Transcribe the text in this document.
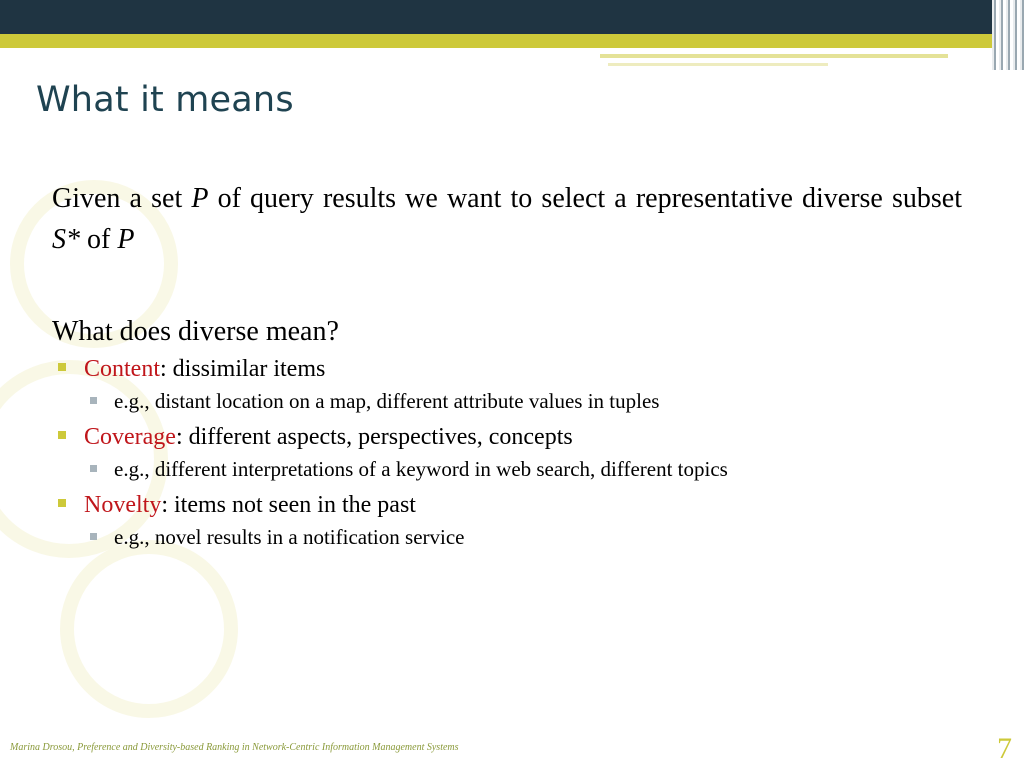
What it means

Given a set P of query results we want to select a representative diverse subset S* of P

What does diverse mean?

Content: dissimilar items
e.g., distant location on a map, different attribute values in tuples
Coverage: different aspects, perspectives, concepts
e.g., different interpretations of a keyword in web search, different topics
Novelty: items not seen in the past
e.g., novel results in a notification service
Marina Drosou, Preference and Diversity-based Ranking in Network-Centric Information Management Systems	7
